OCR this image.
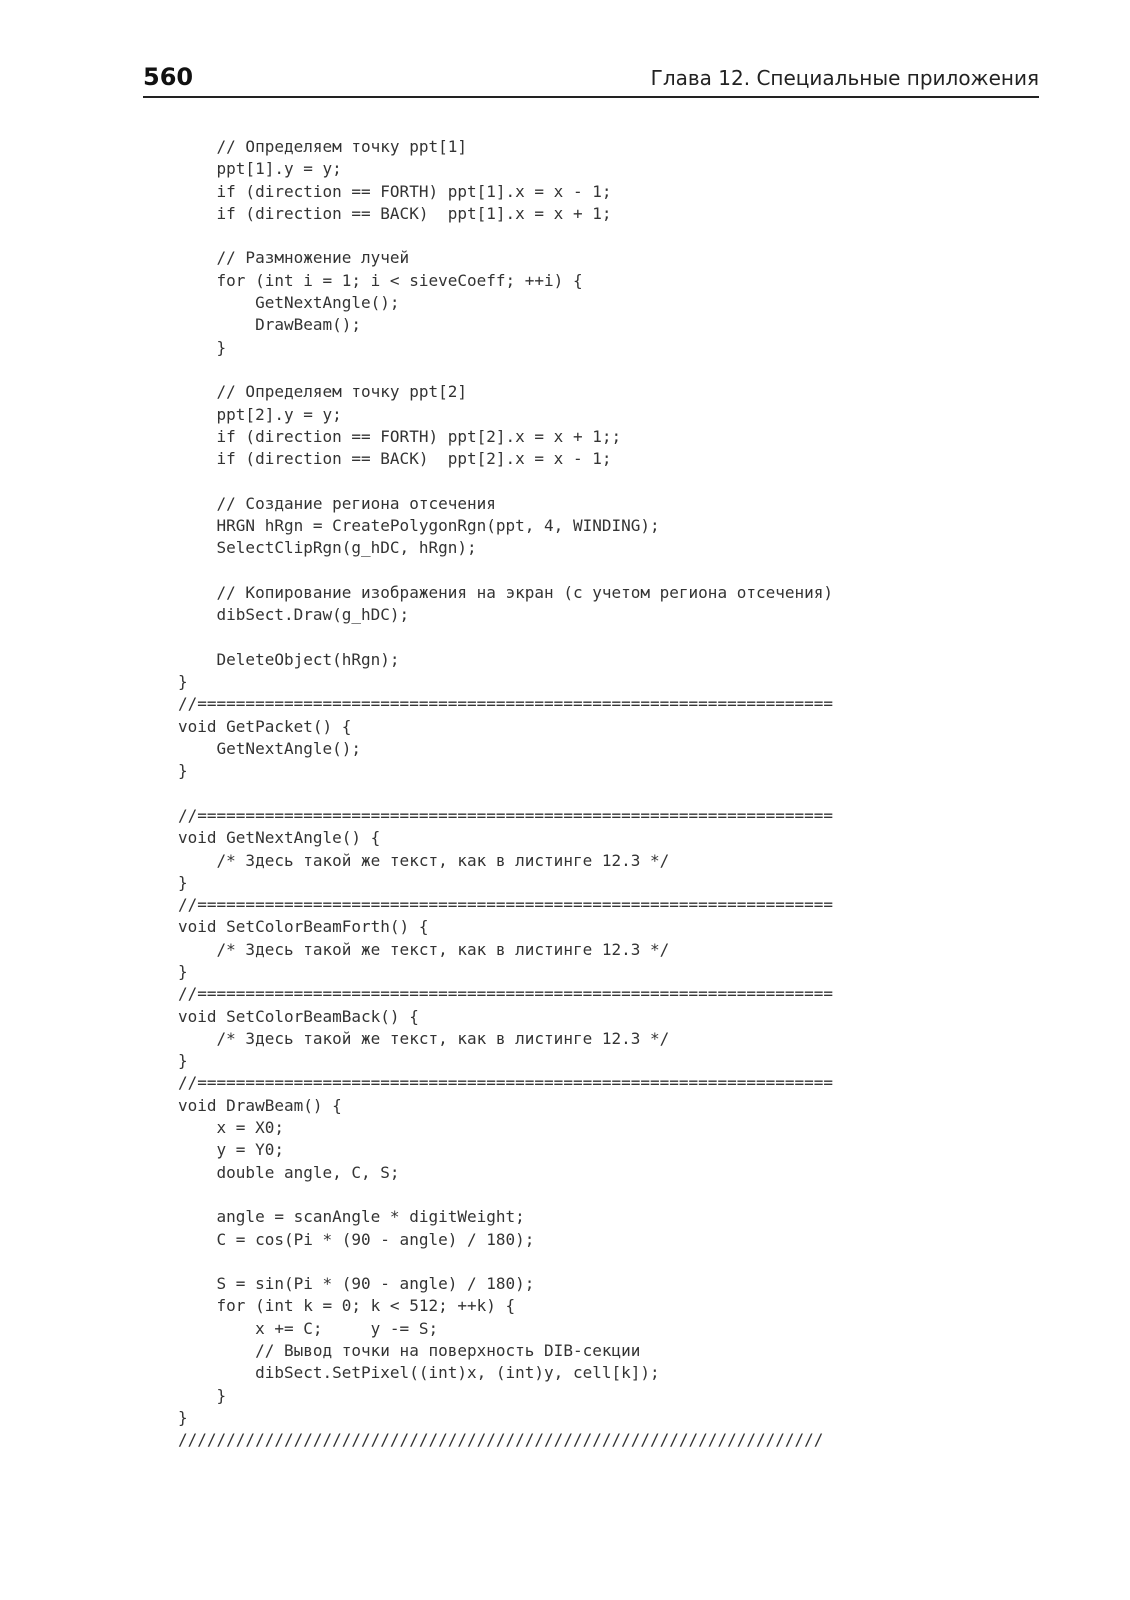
560	Глава 12. Специальные приложения
// Определяем точку ppt[1]
ppt[1].y = y;
if (direction == FORTH) ppt[1].x = x - 1;
if (direction == BACK)  ppt[1].x = x + 1;
// Размножение лучей
for (int i = 1; i < sieveCoeff; ++i) {
GetNextAngle();
DrawBeam();
}
// Определяем точку ppt[2]
ppt[2].y = y;
if (direction == FORTH) ppt[2].x = x + 1;;
if (direction == BACK)  ppt[2].x = x - 1;
// Создание региона отсечения
HRGN hRgn = CreatePolygonRgn(ppt, 4, WINDING);
SelectClipRgn(g_hDC, hRgn);
// Копирование изображения на экран (с учетом региона отсечения)
dibSect.Draw(g_hDC);
DeleteObject(hRgn);
}
//==================================================================
void GetPacket() {
GetNextAngle();
}
//==================================================================
void GetNextAngle() {
/* Здесь такой же текст, как в листинге 12.3 */
}
//==================================================================
void SetColorBeamForth() {
/* Здесь такой же текст, как в листинге 12.3 */
}
//==================================================================
void SetColorBeamBack() {
/* Здесь такой же текст, как в листинге 12.3 */
}
//==================================================================
void DrawBeam() {
x = X0;
y = Y0;
double angle, C, S;
angle = scanAngle * digitWeight;
C = cos(Pi * (90 - angle) / 180);
S = sin(Pi * (90 - angle) / 180);
for (int k = 0; k < 512; ++k) {
x += C;     y -= S;
// Вывод точки на поверхность DIB-секции
dibSect.SetPixel((int)x, (int)y, cell[k]);
}
}
///////////////////////////////////////////////////////////////////
